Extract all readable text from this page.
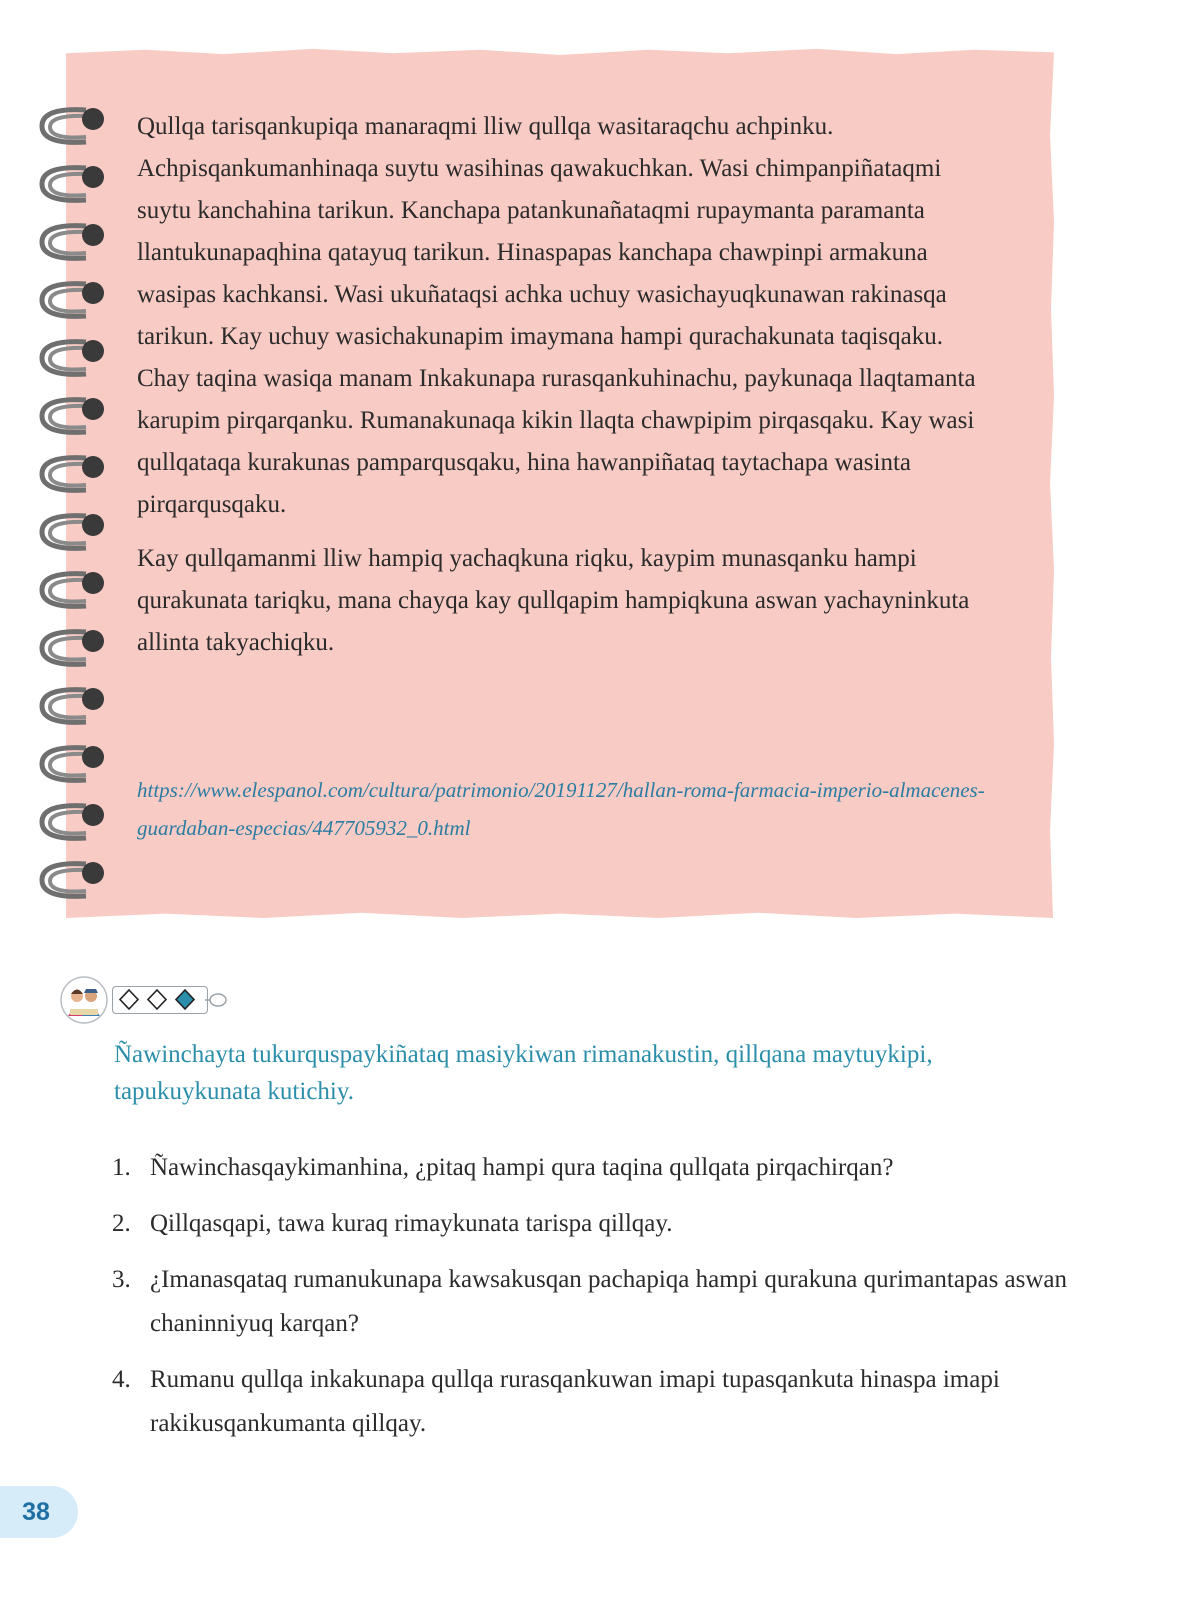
Qullqa tarisqankupiqa manaraqmi lliw qullqa wasitaraqchu achpinku. Achpisqankumanhinaqa suytu wasihinas qawakuchkan. Wasi chimpanpiñataqmi suytu kanchahina tarikun. Kanchapa patankunañataqmi rupaymanta paramanta llantukunapaqhina qatayuq tarikun. Hinaspapas kanchapa chawpinpi armakuna wasipas kachkansi. Wasi ukuñataqsi achka uchuy wasichayuqkunawan rakinasqa tarikun. Kay uchuy wasichakunapim imaymana hampi qurachakunata taqisqaku. Chay taqina wasiqa manam Inkakunapa rurasqankuhinachu, paykunaqa llaqtamanta karupim pirqarqanku. Rumanakunaqa kikin llaqta chawpipim pirqasqaku. Kay wasi qullqataqa kurakunas pamparqusqaku, hina hawanpiñataq taytachapa wasinta pirqarqusqaku.

Kay qullqamanmi lliw hampiq yachaqkuna riqku, kaypim munasqanku hampi qurakunata tariqku, mana chayqa kay qullqapim hampiqkuna aswan yachayninkuta allinta takyachiqku.

https://www.elespanol.com/cultura/patrimonio/20191127/hallan-roma-farmacia-imperio-almacenes- guardaban-especias/447705932_0.html
Ñawinchayta tukurquspaykiñataq masiykiwan rimanakustin, qillqana maytuykipi, tapukuykunata kutichiy.
1. Ñawinchasqaykimanhina, ¿pitaq hampi qura taqina qullqata pirqachirqan?
2. Qillqasqapi, tawa kuraq rimaykunata tarispa qillqay.
3. ¿Imanasqataq rumanukunapa kawsakusqan pachapiqa hampi qurakuna qurimantapas aswan chaninniyuq karqan?
4. Rumanu qullqa inkakunapa qullqa rurasqankuwan imapi tupasqankuta hinaspa imapi rakikusqankumanta qillqay.
38
